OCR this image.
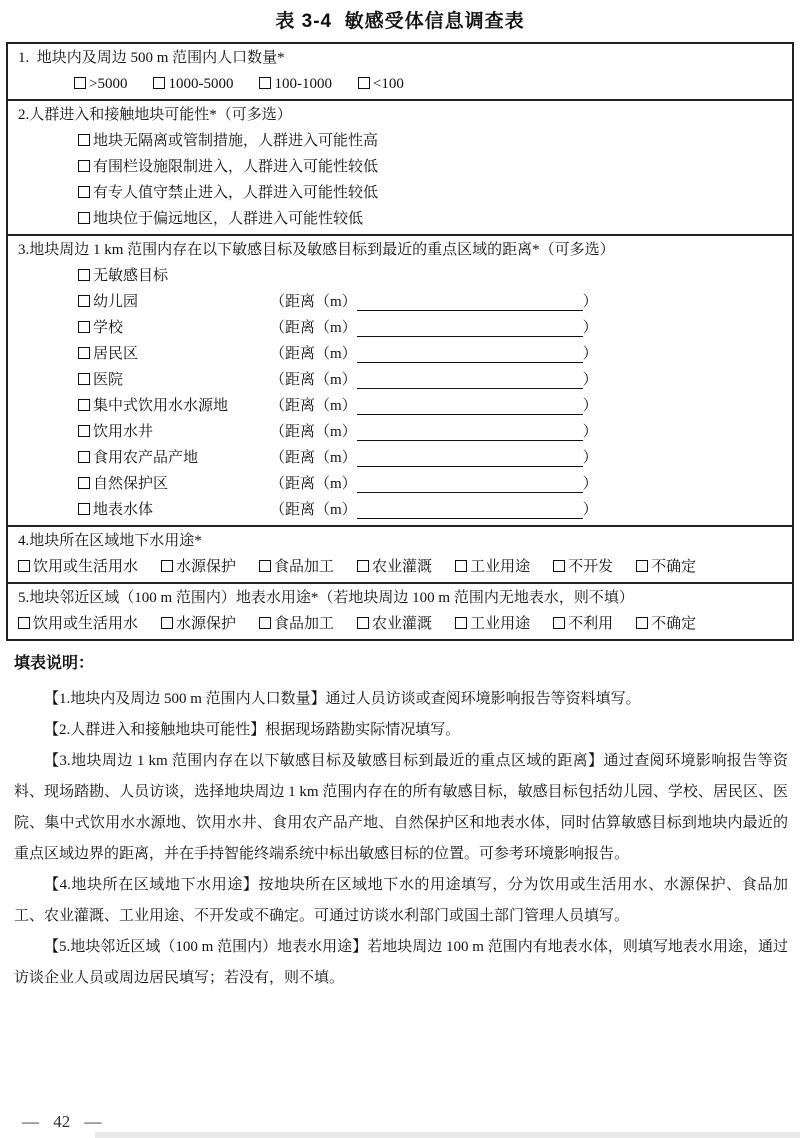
表 3-4  敏感受体信息调查表
1.  地块内及周边 500 m 范围内人口数量*
>5000	1000-5000	100-1000	<100
2.人群进入和接触地块可能性*（可多选）
地块无隔离或管制措施，人群进入可能性高
有围栏设施限制进入，人群进入可能性较低
有专人值守禁止进入，人群进入可能性较低
地块位于偏远地区，人群进入可能性较低
3.地块周边 1 km 范围内存在以下敏感目标及敏感目标到最近的重点区域的距离*（可多选）
无敏感目标
幼儿园	（距离（m）	）
学校	（距离（m）	）
居民区	（距离（m）	）
医院	（距离（m）	）
集中式饮用水水源地	（距离（m）	）
饮用水井	（距离（m）	）
食用农产品产地	（距离（m）	）
自然保护区	（距离（m）	）
地表水体	（距离（m）	）
4.地块所在区域地下水用途*
饮用或生活用水	水源保护	食品加工	农业灌溉	工业用途	不开发	不确定
5.地块邻近区域（100 m 范围内）地表水用途*（若地块周边 100 m 范围内无地表水，则不填）
饮用或生活用水	水源保护	食品加工	农业灌溉	工业用途	不利用	不确定
填表说明：

【1.地块内及周边 500 m 范围内人口数量】通过人员访谈或查阅环境影响报告等资料填写。

【2.人群进入和接触地块可能性】根据现场踏勘实际情况填写。

【3.地块周边 1 km 范围内存在以下敏感目标及敏感目标到最近的重点区域的距离】通过查阅环境影响报告等资料、现场踏勘、人员访谈，选择地块周边 1 km 范围内存在的所有敏感目标，敏感目标包括幼儿园、学校、居民区、医院、集中式饮用水水源地、饮用水井、食用农产品产地、自然保护区和地表水体，同时估算敏感目标到地块内最近的重点区域边界的距离，并在手持智能终端系统中标出敏感目标的位置。可参考环境影响报告。

【4.地块所在区域地下水用途】按地块所在区域地下水的用途填写，分为饮用或生活用水、水源保护、食品加工、农业灌溉、工业用途、不开发或不确定。可通过访谈水利部门或国土部门管理人员填写。

【5.地块邻近区域（100 m 范围内）地表水用途】若地块周边 100 m 范围内有地表水体，则填写地表水用途，通过访谈企业人员或周边居民填写；若没有，则不填。

— 42 —
